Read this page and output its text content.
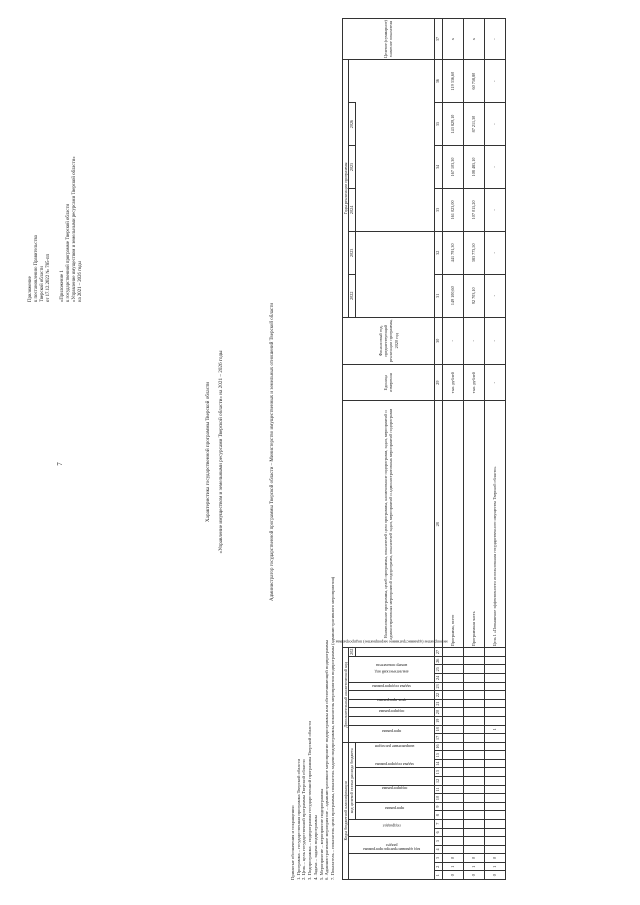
7
Приложение к постановлению Правительства Тверской области от 17.12.2022 № 785-пп «Приложение 1 к государственной программе Тверской области «Управление имуществом и земельными ресурсами Тверской области» на 2021 – 2026 годы
Характеристика государственной программы Тверской области «Управление имуществом и земельными ресурсами Тверской области» на 2021 – 2026 годы	Администратор государственной программы Тверской области – Министерство имущественных и земельных отношений Тверской области
Принятые обозначения и сокращения: 1. Программа – государственная программа Тверской области 2. Цель – цель государственной программы Тверской области 3. Подпрограмма – подпрограмма государственной программы Тверской области 4. Задача – задача подпрограммы 5. Мероприятие – мероприятие подпрограммы 6. Административное мероприятие – административное мероприятие подпрограммы или обеспечивающей подпрограммы 7. Показатель – показатель цели программы, показатель задачи подпрограммы, показатель мероприятия подпрограммы (административного мероприятия) Коды бюджетной классификации																Дополнительный аналитический код											Наименование программы, целей программы, показателей цели программы, наименование подпрограмм, задач, мероприятий и административных мероприятий подпрограмм, показателей задач, мероприятий и административных мероприятий подпрограмм	Единица измерения	Финансовый год, предшествующий реализации программы, 2020 год	Годы реализации программы						Целевое (суммарное) значение показателя
код администратора программы			раздел		подраздел		код целевой статьи расхода бюджета									программа		подпрограмма	цель программы	задача подпрограммы	мероприятие (административное мероприятие) подпрограммы	аналитический код	номер показателя			2021				2022	2023	2024	2025	2026		
							программа		подпрограмма		задача подпрограммы		направление расходов																							
1	2	3	4	5	6	7	8	9	10	11	12	13	14	15	16	17	18	19	20	21	22	23	24	25	26	27	28	29	30	31	32	33	34	35	36	37
0	1	0																									Программа, всего	тыс. рублей	-	149 100,60	441 791,30	161 023,00	167 103,30	143 829,10	119 336,60	x
0	1	0																									Программная часть	тыс. рублей	-	92 703,10	383 773,50	107 015,20	108 485,10	87 211,30	60 758,80	x
0	1	0															1										Цель 1 «Повышение эффективности использования государственного имущества Тверской области»	-	-	-	-	-	-	-	-	-
